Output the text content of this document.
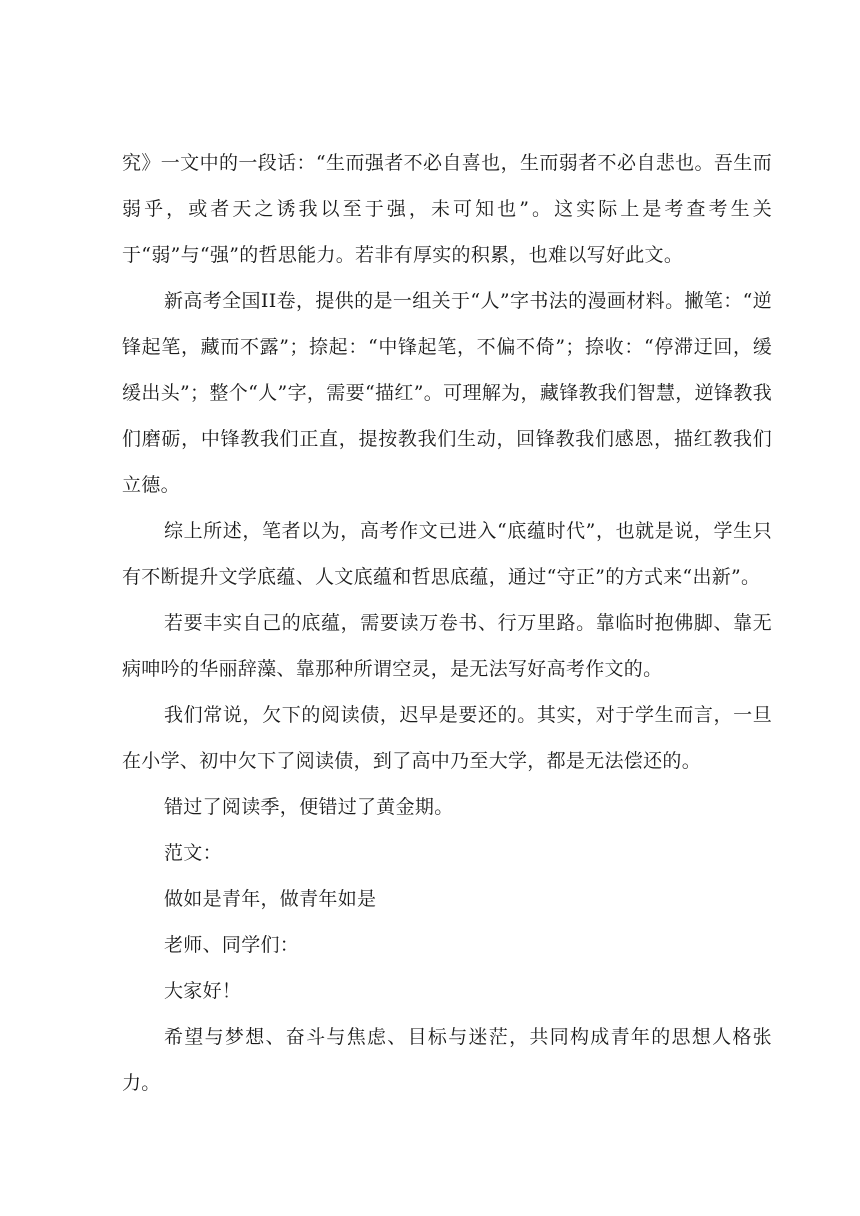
究》一文中的一段话：“生而强者不必自喜也，生而弱者不必自悲也。吾生而弱乎，或者天之诱我以至于强，未可知也”。这实际上是考查考生关于“弱”与“强”的哲思能力。若非有厚实的积累，也难以写好此文。

新高考全国II卷，提供的是一组关于“人”字书法的漫画材料。撇笔：“逆锋起笔，藏而不露”；捺起：“中锋起笔，不偏不倚”；捺收：“停滞迂回，缓缓出头”；整个“人”字，需要“描红”。可理解为，藏锋教我们智慧，逆锋教我们磨砺，中锋教我们正直，提按教我们生动，回锋教我们感恩，描红教我们立德。

综上所述，笔者以为，高考作文已进入“底蕴时代”，也就是说，学生只有不断提升文学底蕴、人文底蕴和哲思底蕴，通过“守正”的方式来“出新”。

若要丰实自己的底蕴，需要读万卷书、行万里路。靠临时抱佛脚、靠无病呻吟的华丽辞藻、靠那种所谓空灵，是无法写好高考作文的。

我们常说，欠下的阅读债，迟早是要还的。其实，对于学生而言，一旦在小学、初中欠下了阅读债，到了高中乃至大学，都是无法偿还的。

错过了阅读季，便错过了黄金期。

范文：

做如是青年，做青年如是

老师、同学们：

大家好！

希望与梦想、奋斗与焦虑、目标与迷茫，共同构成青年的思想人格张力。
